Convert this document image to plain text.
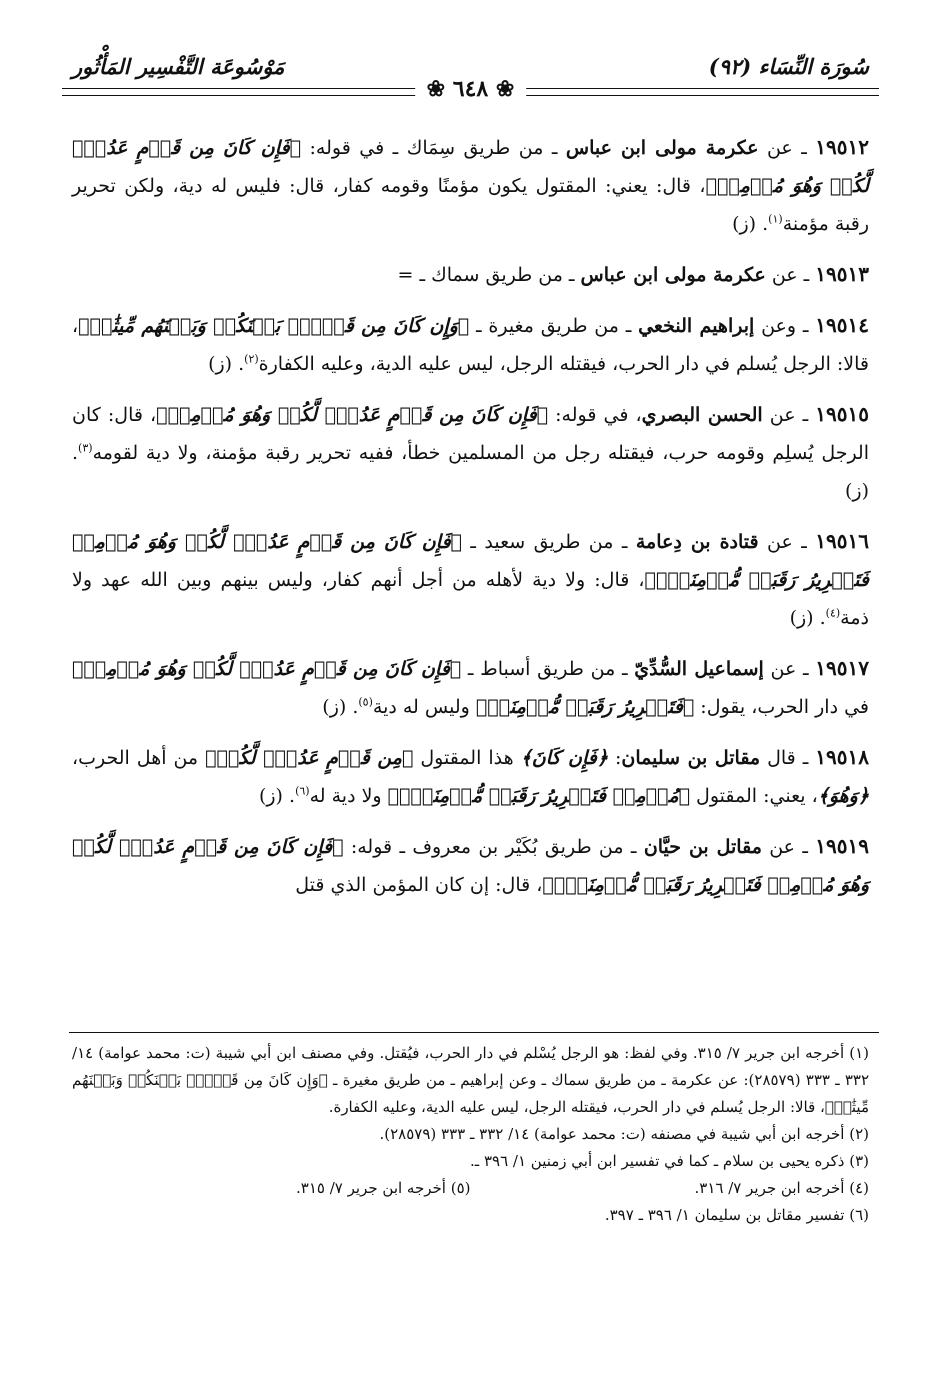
مَوْسُوعَة التَّفْسِير المَأْثُور	سُورَة النِّسَاء (٩٢)
❀ ٦٤٨ ❀

١٩٥١٢ ـ عن عكرمة مولى ابن عباس ـ من طريق سِمَاك ـ في قوله: ﴿فَإِن كَانَ مِن قَوۡمٍ عَدُوّٖ لَّكُمۡ وَهُوَ مُؤۡمِنٞ﴾، قال: يعني: المقتول يكون مؤمنًا وقومه كفار، قال: فليس له دية، ولكن تحرير رقبة مؤمنة$^{(١)}$. (ز)

١٩٥١٣ ـ عن عكرمة مولى ابن عباس ـ من طريق سماك ـ =

١٩٥١٤ ـ وعن إبراهيم النخعي ـ من طريق مغيرة ـ ﴿وَإِن كَانَ مِن قَوۡمِۭ بَيۡنَكُمۡ وَبَيۡنَهُم مِّيثَٰقٞ﴾، قالا: الرجل يُسلم في دار الحرب، فيقتله الرجل، ليس عليه الدية، وعليه الكفارة$^{(٢)}$. (ز)

١٩٥١٥ ـ عن الحسن البصري، في قوله: ﴿فَإِن كَانَ مِن قَوۡمٍ عَدُوّٖ لَّكُمۡ وَهُوَ مُؤۡمِنٞ﴾، قال: كان الرجل يُسلِم وقومه حرب، فيقتله رجل من المسلمين خطأ، ففيه تحرير رقبة مؤمنة، ولا دية لقومه$^{(٣)}$. (ز)

١٩٥١٦ ـ عن قتادة بن دِعامة ـ من طريق سعيد ـ ﴿فَإِن كَانَ مِن قَوۡمٍ عَدُوّٖ لَّكُمۡ وَهُوَ مُؤۡمِنٞ فَتَحۡرِيرُ رَقَبَةٖ مُّؤۡمِنَةٖۖ﴾، قال: ولا دية لأهله من أجل أنهم كفار، وليس بينهم وبين الله عهد ولا ذمة$^{(٤)}$. (ز)

١٩٥١٧ ـ عن إسماعيل السُّدِّيّ ـ من طريق أسباط ـ ﴿فَإِن كَانَ مِن قَوۡمٍ عَدُوّٖ لَّكُمۡ وَهُوَ مُؤۡمِنٞ﴾ في دار الحرب، يقول: ﴿فَتَحۡرِيرُ رَقَبَةٖ مُّؤۡمِنَةٖ﴾ وليس له دية$^{(٥)}$. (ز)

١٩٥١٨ ـ قال مقاتل بن سليمان: ﴿فَإِن كَانَ﴾ هذا المقتول ﴿مِن قَوۡمٍ عَدُوّٖ لَّكُمۡ﴾ من أهل الحرب، ﴿وَهُوَ﴾، يعني: المقتول ﴿مُؤۡمِنٞ فَتَحۡرِيرُ رَقَبَةٖ مُّؤۡمِنَةٖۖ﴾ ولا دية له$^{(٦)}$. (ز)

١٩٥١٩ ـ عن مقاتل بن حيَّان ـ من طريق بُكَيْر بن معروف ـ قوله: ﴿فَإِن كَانَ مِن قَوۡمٍ عَدُوّٖ لَّكُمۡ وَهُوَ مُؤۡمِنٞ فَتَحۡرِيرُ رَقَبَةٖ مُّؤۡمِنَةٖۖ﴾، قال: إن كان المؤمن الذي قتل

(١) أخرجه ابن جرير ٧/ ٣١٥. وفي لفظ: هو الرجل يُسْلم في دار الحرب، فيُقتل. وفي مصنف ابن أبي شيبة (ت: محمد عوامة) ١٤/ ٣٣٢ ـ ٣٣٣ (٢٨٥٧٩): عن عكرمة ـ من طريق سماك ـ وعن إبراهيم ـ من طريق مغيرة ـ ﴿وَإِن كَانَ مِن قَوۡمِۭ بَيۡنَكُمۡ وَبَيۡنَهُم مِّيثَٰقٞ﴾، قالا: الرجل يُسلم في دار الحرب، فيقتله الرجل، ليس عليه الدية، وعليه الكفارة.

(٢) أخرجه ابن أبي شيبة في مصنفه (ت: محمد عوامة) ١٤/ ٣٣٢ ـ ٣٣٣ (٢٨٥٧٩).

(٣) ذكره يحيى بن سلام ـ كما في تفسير ابن أبي زمنين ١/ ٣٩٦ ـ.

(٤) أخرجه ابن جرير ٧/ ٣١٦.

(٥) أخرجه ابن جرير ٧/ ٣١٥.

(٦) تفسير مقاتل بن سليمان ١/ ٣٩٦ ـ ٣٩٧.
